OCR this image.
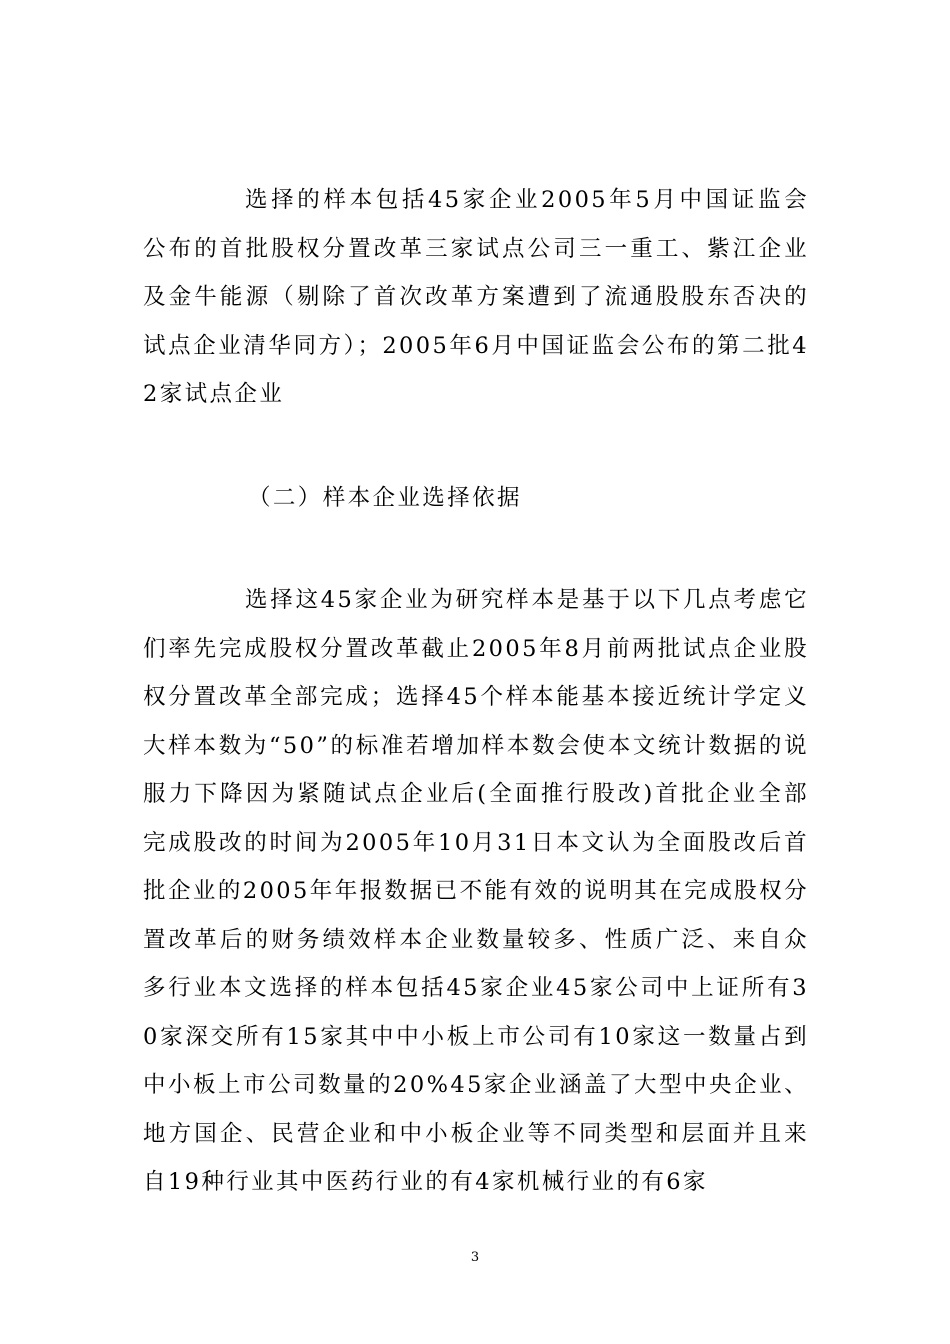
选择的样本包括45家企业2005年5月中国证监会公布的首批股权分置改革三家试点公司三一重工、紫江企业及金牛能源（剔除了首次改革方案遭到了流通股股东否决的试点企业清华同方）；2005年6月中国证监会公布的第二批42家试点企业

（二）样本企业选择依据

选择这45家企业为研究样本是基于以下几点考虑它们率先完成股权分置改革截止2005年8月前两批试点企业股权分置改革全部完成；选择45个样本能基本接近统计学定义大样本数为“50”的标准若增加样本数会使本文统计数据的说服力下降因为紧随试点企业后(全面推行股改)首批企业全部完成股改的时间为2005年10月31日本文认为全面股改后首批企业的2005年年报数据已不能有效的说明其在完成股权分置改革后的财务绩效样本企业数量较多、性质广泛、来自众多行业本文选择的样本包括45家企业45家公司中上证所有30家深交所有15家其中中小板上市公司有10家这一数量占到中小板上市公司数量的20%45家企业涵盖了大型中央企业、地方国企、民营企业和中小板企业等不同类型和层面并且来自19种行业其中医药行业的有4家机械行业的有6家

3
